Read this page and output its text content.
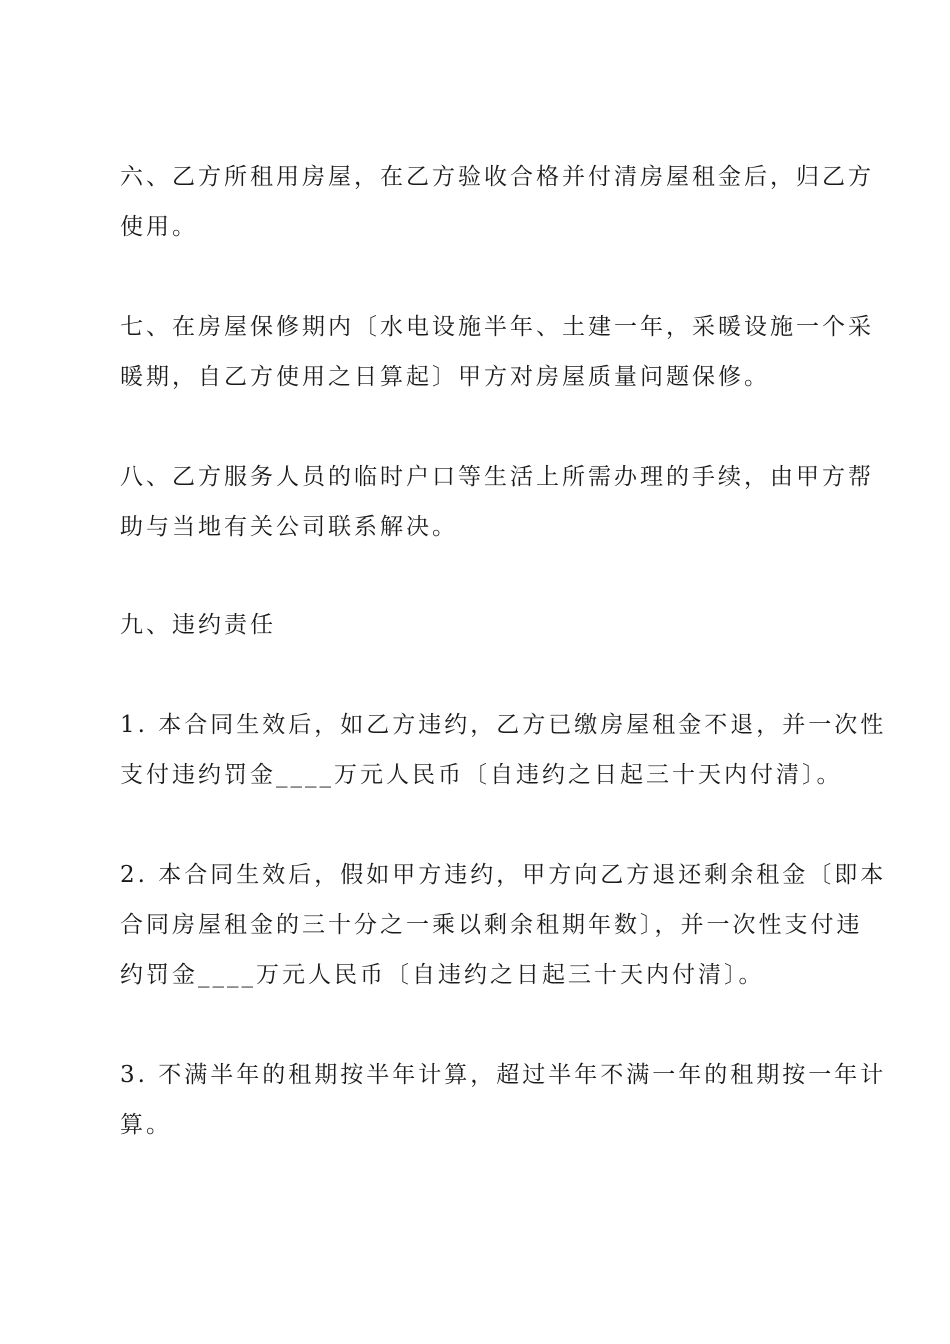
六、乙方所租用房屋，在乙方验收合格并付清房屋租金后，归乙方
使用。
七、在房屋保修期内〔水电设施半年、土建一年，采暖设施一个采
暖期，自乙方使用之日算起〕甲方对房屋质量问题保修。
八、乙方服务人员的临时户口等生活上所需办理的手续，由甲方帮
助与当地有关公司联系解决。
九、违约责任
1. 本合同生效后，如乙方违约，乙方已缴房屋租金不退，并一次性
支付违约罚金____万元人民币〔自违约之日起三十天内付清〕。
2. 本合同生效后，假如甲方违约，甲方向乙方退还剩余租金〔即本
合同房屋租金的三十分之一乘以剩余租期年数〕，并一次性支付违
约罚金____万元人民币〔自违约之日起三十天内付清〕。
3. 不满半年的租期按半年计算，超过半年不满一年的租期按一年计
算。
